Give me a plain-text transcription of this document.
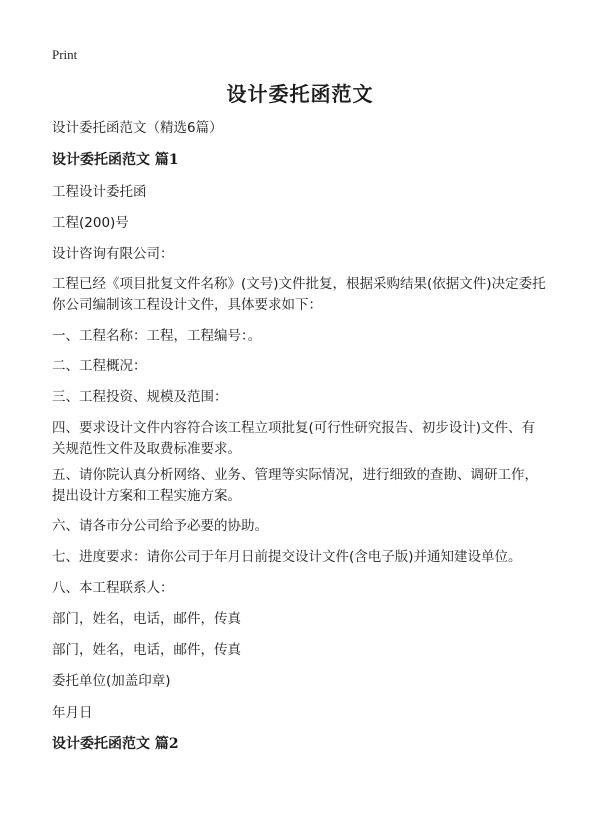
Print
设计委托函范文

设计委托函范文（精选6篇）

设计委托函范文 篇1

工程设计委托函

工程(200)号

设计咨询有限公司：

工程已经《项目批复文件名称》(文号)文件批复，根据采购结果(依据文件)决定委托你公司编制该工程设计文件，具体要求如下：

一、工程名称：工程，工程编号：。

二、工程概况：

三、工程投资、规模及范围：

四、要求设计文件内容符合该工程立项批复(可行性研究报告、初步设计)文件、有关规范性文件及取费标准要求。

五、请你院认真分析网络、业务、管理等实际情况，进行细致的查勘、调研工作，提出设计方案和工程实施方案。

六、请各市分公司给予必要的协助。

七、进度要求：请你公司于年月日前提交设计文件(含电子版)并通知建设单位。

八、本工程联系人：

部门，姓名，电话，邮件，传真

部门，姓名，电话，邮件，传真

委托单位(加盖印章)

年月日

设计委托函范文 篇2
